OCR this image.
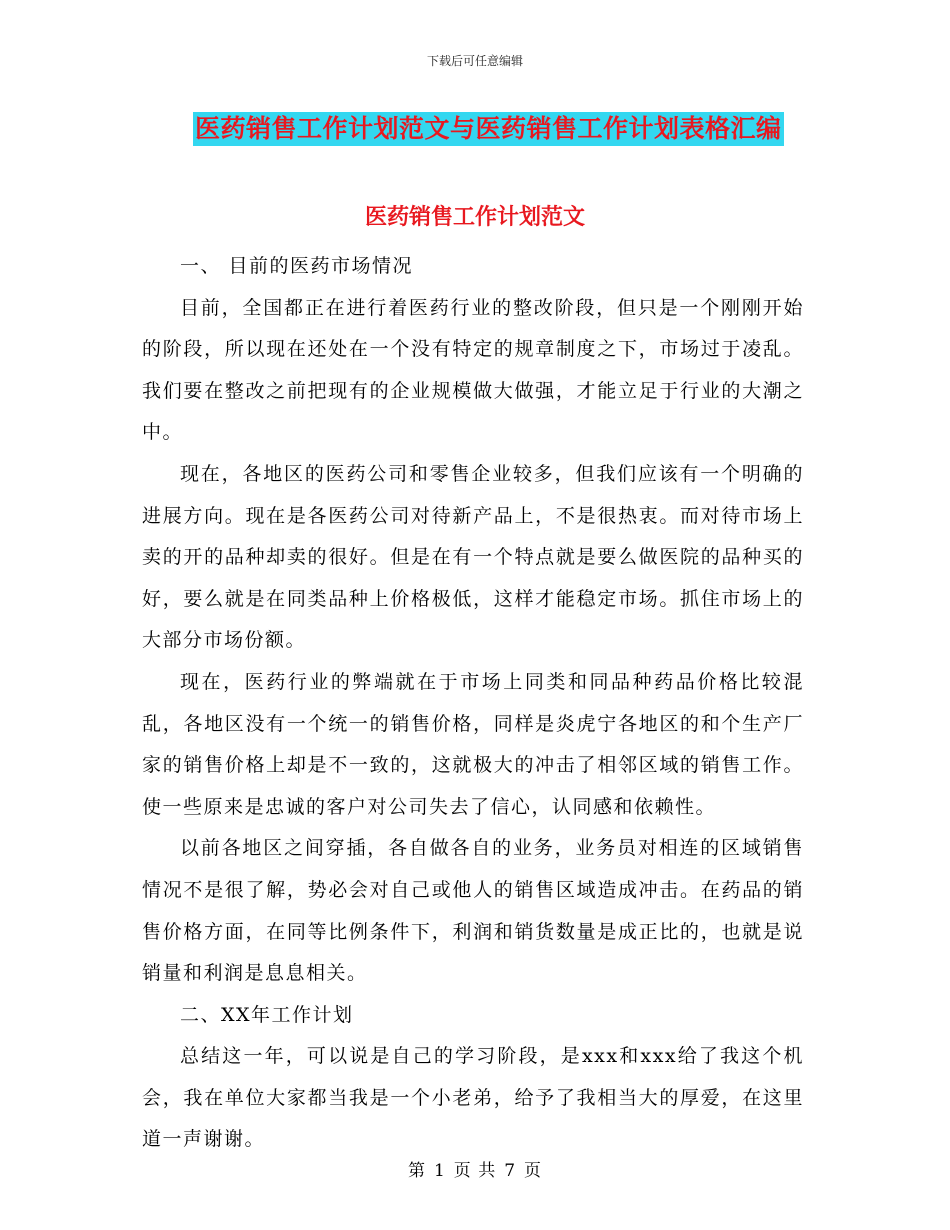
下载后可任意编辑
医药销售工作计划范文与医药销售工作计划表格汇编
医药销售工作计划范文

一、 目前的医药市场情况

目前，全国都正在进行着医药行业的整改阶段，但只是一个刚刚开始的阶段，所以现在还处在一个没有特定的规章制度之下，市场过于凌乱。我们要在整改之前把现有的企业规模做大做强，才能立足于行业的大潮之中。

现在，各地区的医药公司和零售企业较多，但我们应该有一个明确的进展方向。现在是各医药公司对待新产品上，不是很热衷。而对待市场上卖的开的品种却卖的很好。但是在有一个特点就是要么做医院的品种买的好，要么就是在同类品种上价格极低，这样才能稳定市场。抓住市场上的大部分市场份额。

现在，医药行业的弊端就在于市场上同类和同品种药品价格比较混乱，各地区没有一个统一的销售价格，同样是炎虎宁各地区的和个生产厂家的销售价格上却是不一致的，这就极大的冲击了相邻区域的销售工作。使一些原来是忠诚的客户对公司失去了信心，认同感和依赖性。

以前各地区之间穿插，各自做各自的业务，业务员对相连的区域销售情况不是很了解，势必会对自己或他人的销售区域造成冲击。在药品的销售价格方面，在同等比例条件下，利润和销货数量是成正比的，也就是说销量和利润是息息相关。

二、XX年工作计划

总结这一年，可以说是自己的学习阶段，是xxx和xxx给了我这个机会，我在单位大家都当我是一个小老弟，给予了我相当大的厚爱，在这里道一声谢谢。

第 1 页 共 7 页
